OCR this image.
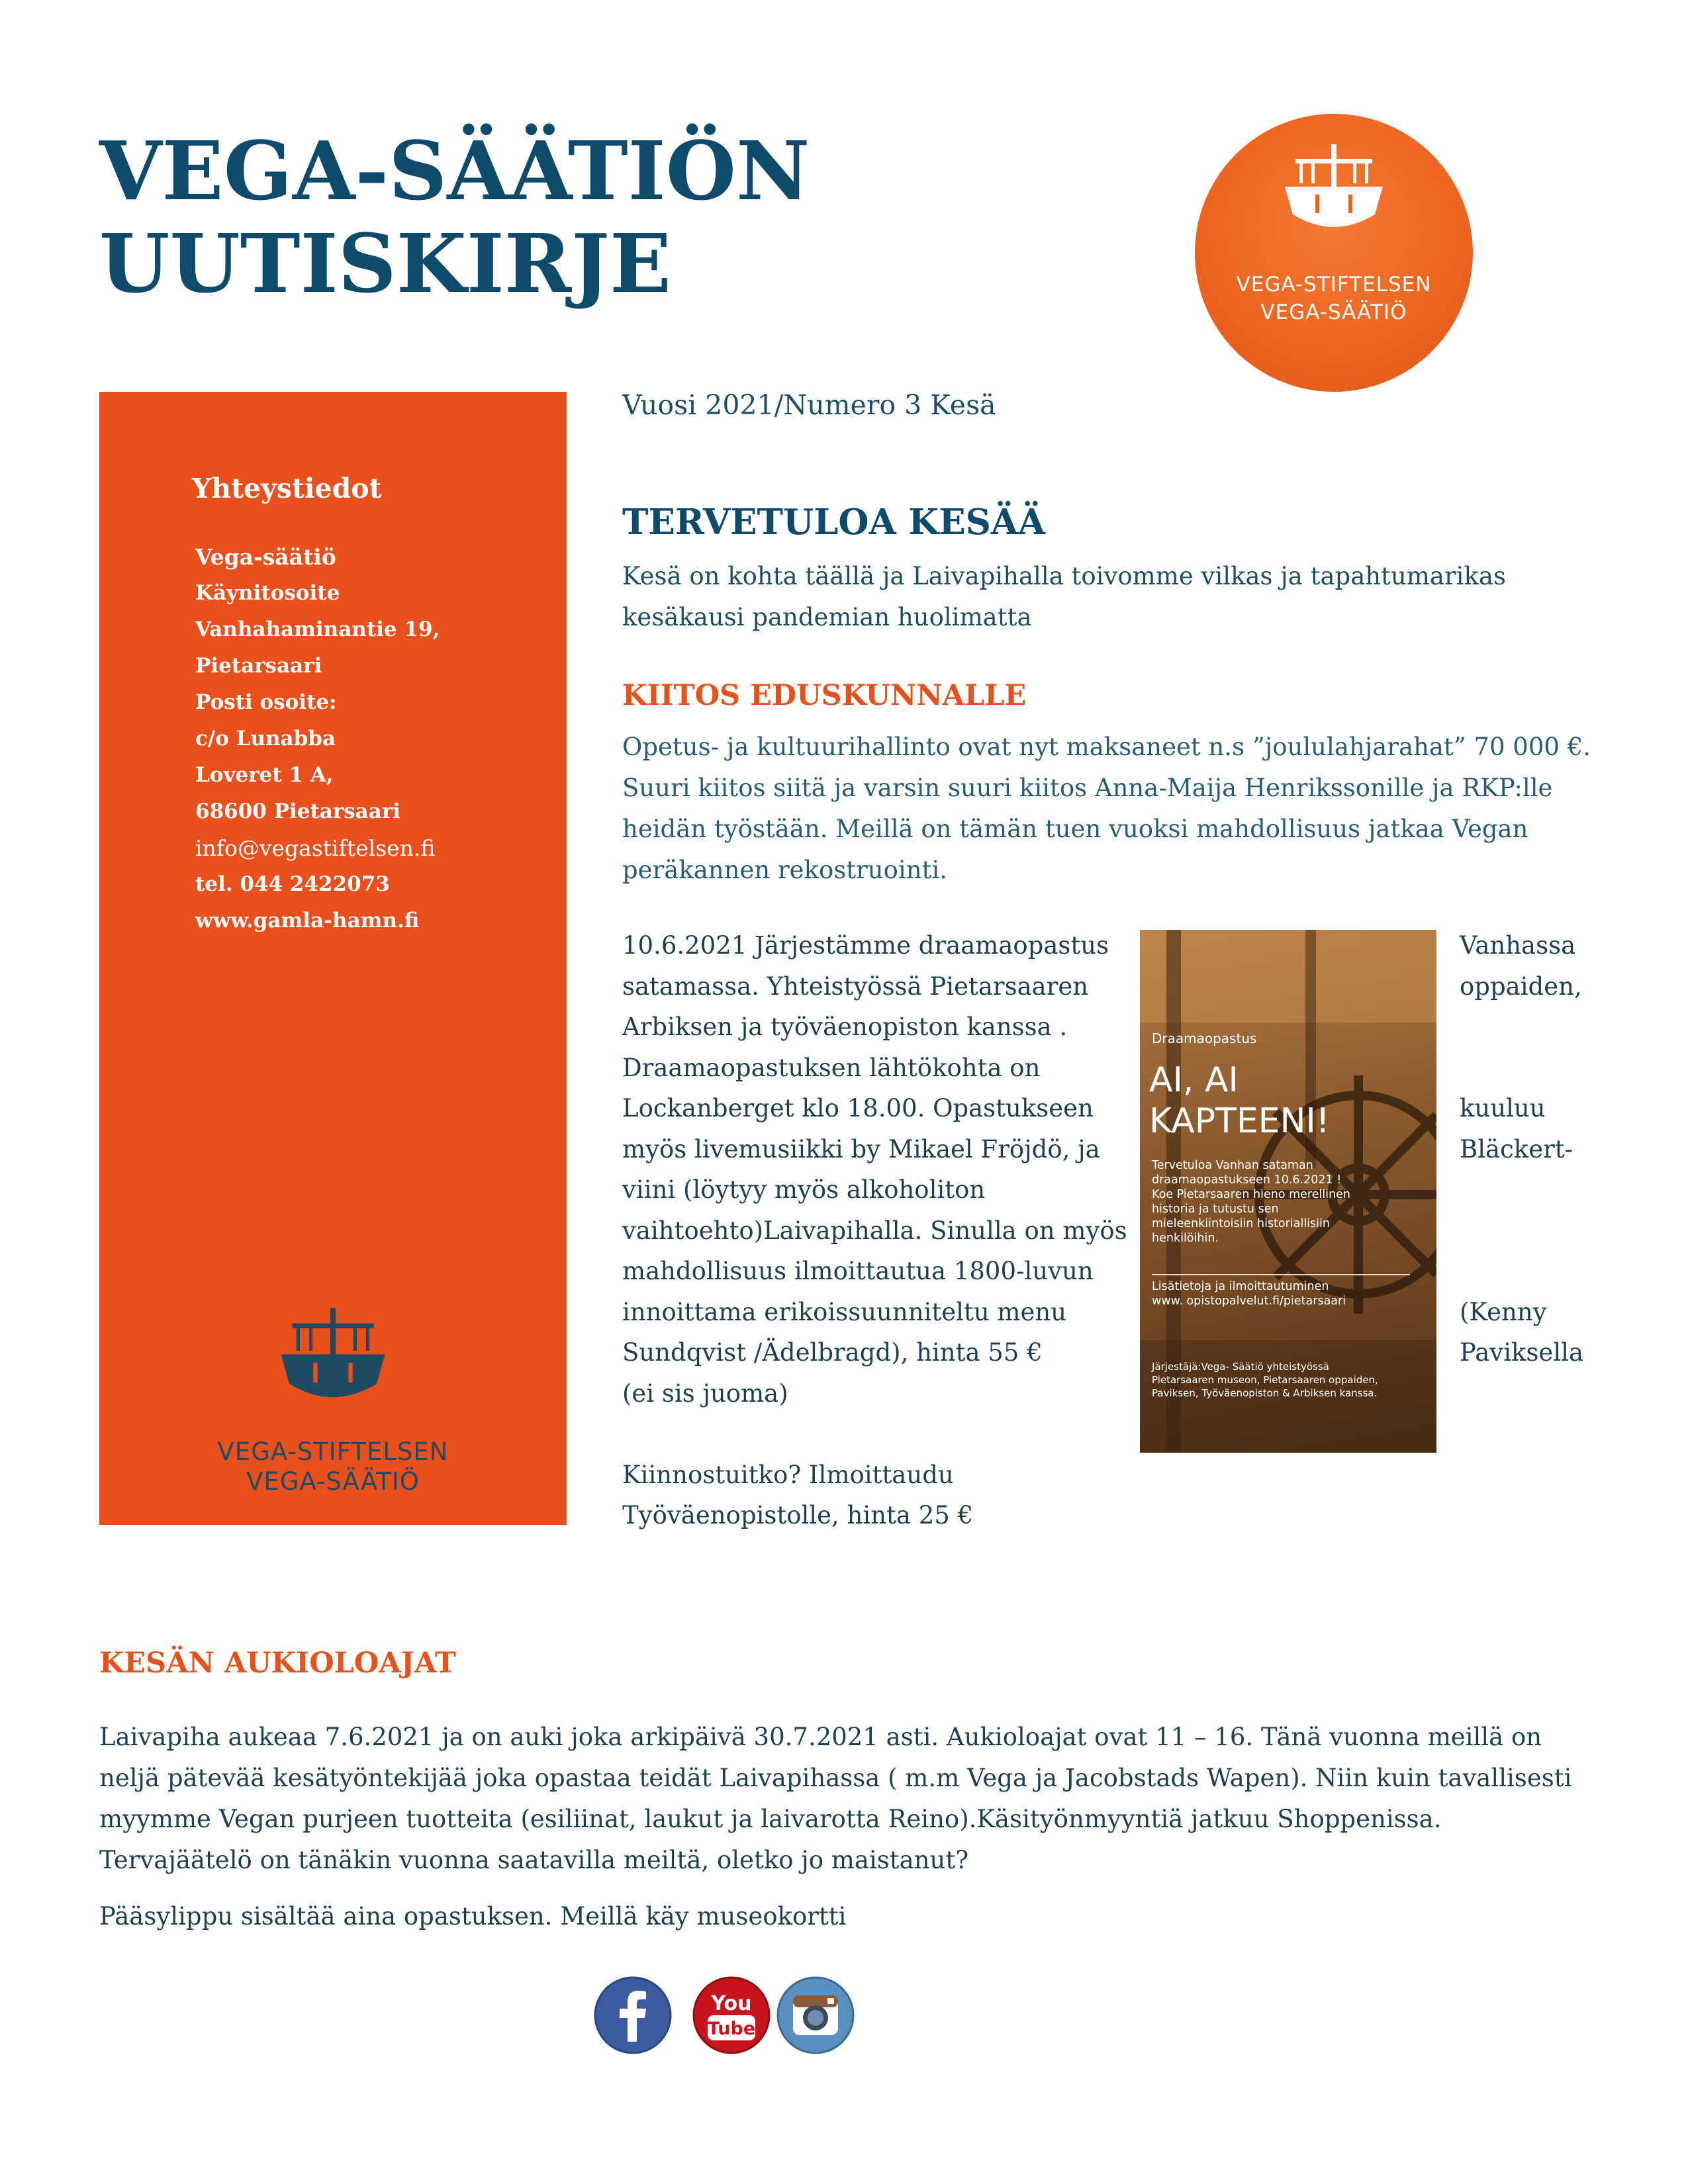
VEGA-SÄÄTIÖN
UUTISKIRJE	VEGA-STIFTELSEN
VEGA-SÄÄTIÖ
Yhteystiedot
Vega-säätiö
Käynitosoite
Vanhahaminantie 19,
Pietarsaari
Posti osoite:
c/o Lunabba
Loveret 1 A,
68600 Pietarsaari
info@vegastiftelsen.fi
tel. 044 2422073
www.gamla-hamn.fi
VEGA-STIFTELSEN
VEGA-SÄÄTIÖ
Vuosi 2021/Numero 3 Kesä
TERVETULOA KESÄÄ

Kesä on kohta täällä ja Laivapihalla toivomme vilkas ja tapahtumarikas kesäkausi pandemian huolimatta

KIITOS EDUSKUNNALLE

Opetus- ja kultuurihallinto ovat nyt maksaneet n.s ”joululahjarahat” 70 000 €. Suuri kiitos siitä ja varsin suuri kiitos Anna-Maija Henrikssonille ja RKP:lle heidän työstään. Meillä on tämän tuen vuoksi mahdollisuus jatkaa Vegan peräkannen rekostruointi.

10.6.2021 Järjestämme draamaopastus
satamassa. Yhteistyössä Pietarsaaren
Arbiksen ja työväenopiston kanssa .
Draamaopastuksen lähtökohta on
Lockanberget klo 18.00. Opastukseen
myös livemusiikki by Mikael Fröjdö, ja
viini (löytyy myös alkoholiton
vaihtoehto)Laivapihalla. Sinulla on myös
mahdollisuus ilmoittautua 1800-luvun
innoittama erikoissuunniteltu menu
Sundqvist /Ädelbragd), hinta 55 €
(ei sis juoma)
Kiinnostuitko? Ilmoittaudu
Työväenopistolle, hinta 25 €
Vanhassa
oppaiden,
kuuluu
Bläckert-
(Kenny
Paviksella
Draamaopastus
AI, AI
KAPTEENI!
Tervetuloa Vanhan sataman
draamaopastukseen 10.6.2021 !
Koe Pietarsaaren hieno merellinen
historia ja tutustu sen
mieleenkiintoisiin historiallisiin
henkilöihin.
Lisätietoja ja ilmoittautuminen
www. opistopalvelut.fi/pietarsaari
Järjestäjä:Vega- Säätiö yhteistyössä
Pietarsaaren museon, Pietarsaaren oppaiden,
Paviksen, Työväenopiston & Arbiksen kanssa.
KESÄN AUKIOLOAJAT

Laivapiha aukeaa 7.6.2021 ja on auki joka arkipäivä 30.7.2021 asti. Aukioloajat ovat 11 – 16. Tänä vuonna meillä on neljä pätevää kesätyöntekijää joka opastaa teidät Laivapihassa ( m.m Vega ja Jacobstads Wapen). Niin kuin tavallisesti myymme Vegan purjeen tuotteita (esiliinat, laukut ja laivarotta Reino).Käsityönmyyntiä jatkuu Shoppenissa. Tervajäätelö on tänäkin vuonna saatavilla meiltä, oletko jo maistanut?

Pääsylippu sisältää aina opastuksen. Meillä käy museokortti
You
Tube
